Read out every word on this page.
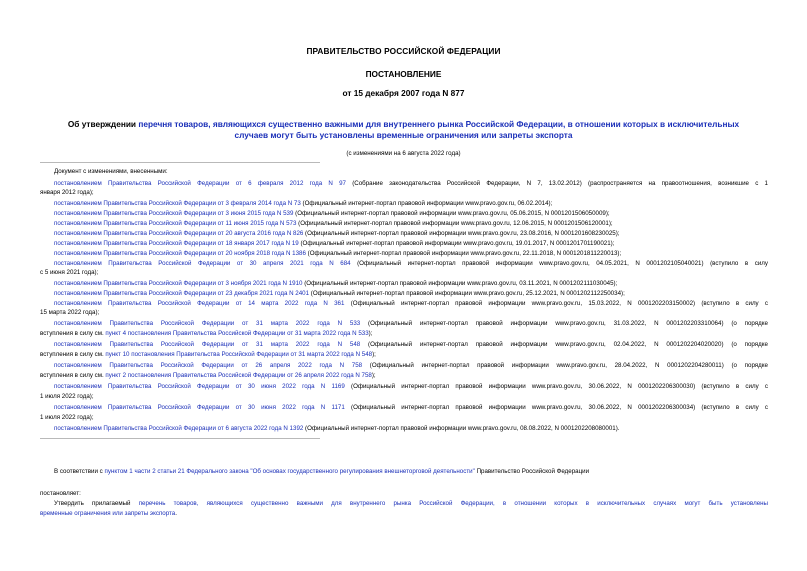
ПРАВИТЕЛЬСТВО РОССИЙСКОЙ ФЕДЕРАЦИИ
ПОСТАНОВЛЕНИЕ
от 15 декабря 2007 года N 877
Об утверждении перечня товаров, являющихся существенно важными для внутреннего рынка Российской Федерации, в отношении которых в исключительных
случаев могут быть установлены временные ограничения или запреты экспорта
(с изменениями на 6 августа 2022 года)
Документ с изменениями, внесенными:
постановлением Правительства Российской Федерации от 6 февраля 2012 года N 97 (Собрание законодательства Российской Федерации, N 7, 13.02.2012) (распространяется на правоотношения, возникшие с 1
января 2012 года);
постановлением Правительства Российской Федерации от 3 февраля 2014 года N 73 (Официальный интернет-портал правовой информации www.pravo.gov.ru, 06.02.2014);
постановлением Правительства Российской Федерации от 3 июня 2015 года N 539 (Официальный интернет-портал правовой информации www.pravo.gov.ru, 05.06.2015, N 0001201506050009);
постановлением Правительства Российской Федерации от 11 июня 2015 года N 573 (Официальный интернет-портал правовой информации www.pravo.gov.ru, 12.06.2015, N 0001201506120001);
постановлением Правительства Российской Федерации от 20 августа 2016 года N 826 (Официальный интернет-портал правовой информации www.pravo.gov.ru, 23.08.2016, N 0001201608230025);
постановлением Правительства Российской Федерации от 18 января 2017 года N 19 (Официальный интернет-портал правовой информации www.pravo.gov.ru, 19.01.2017, N 0001201701190021);
постановлением Правительства Российской Федерации от 20 ноября 2018 года N 1386 (Официальный интернет-портал правовой информации www.pravo.gov.ru, 22.11.2018, N 0001201811220013);
постановлением Правительства Российской Федерации от 30 апреля 2021 года N 684 (Официальный интернет-портал правовой информации www.pravo.gov.ru, 04.05.2021, N 0001202105040021) (вступило в силу
с 5 июня 2021 года);
постановлением Правительства Российской Федерации от 3 ноября 2021 года N 1910 (Официальный интернет-портал правовой информации www.pravo.gov.ru, 03.11.2021, N 0001202111030045);
постановлением Правительства Российской Федерации от 23 декабря 2021 года N 2401 (Официальный интернет-портал правовой информации www.pravo.gov.ru, 25.12.2021, N 0001202112250034);
постановлением Правительства Российской Федерации от 14 марта 2022 года N 361 (Официальный интернет-портал правовой информации www.pravo.gov.ru, 15.03.2022, N 0001202203150002) (вступило в силу с
15 марта 2022 года);
постановлением Правительства Российской Федерации от 31 марта 2022 года N 533 (Официальный интернет-портал правовой информации www.pravo.gov.ru, 31.03.2022, N 0001202203310064) (о порядке
вступления в силу см. пункт 4 постановления Правительства Российской Федерации от 31 марта 2022 года N 533);
постановлением Правительства Российской Федерации от 31 марта 2022 года N 548 (Официальный интернет-портал правовой информации www.pravo.gov.ru, 02.04.2022, N 0001202204020020) (о порядке
вступления в силу см. пункт 10 постановления Правительства Российской Федерации от 31 марта 2022 года N 548);
постановлением Правительства Российской Федерации от 26 апреля 2022 года N 758 (Официальный интернет-портал правовой информации www.pravo.gov.ru, 28.04.2022, N 0001202204280011) (о порядке
вступления в силу см. пункт 2 постановления Правительства Российской Федерации от 26 апреля 2022 года N 758);
постановлением Правительства Российской Федерации от 30 июня 2022 года N 1169 (Официальный интернет-портал правовой информации www.pravo.gov.ru, 30.06.2022, N 0001202206300030) (вступило в силу с
1 июля 2022 года);
постановлением Правительства Российской Федерации от 30 июня 2022 года N 1171 (Официальный интернет-портал правовой информации www.pravo.gov.ru, 30.06.2022, N 0001202206300034) (вступило в силу с
1 июля 2022 года);
постановлением Правительства Российской Федерации от 6 августа 2022 года N 1392 (Официальный интернет-портал правовой информации www.pravo.gov.ru, 08.08.2022, N 0001202208080001).
В соответствии с пунктом 1 части 2 статьи 21 Федерального закона "Об основах государственного регулирования внешнеторговой деятельности" Правительство Российской Федерации
постановляет:
Утвердить прилагаемый перечень товаров, являющихся существенно важными для внутреннего рынка Российской Федерации, в отношении которых в исключительных случаях могут быть установлены
временные ограничения или запреты экспорта.
